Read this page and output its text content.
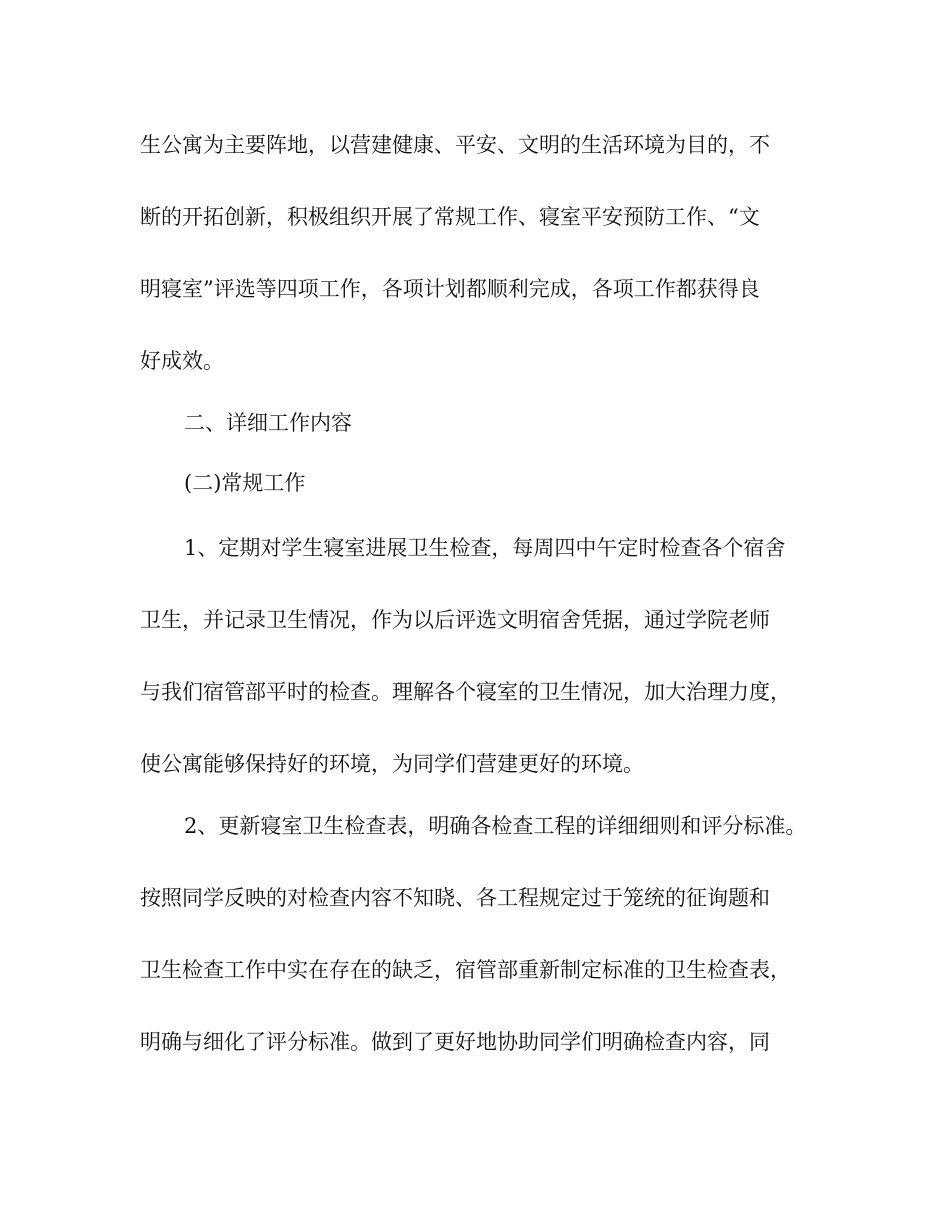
生公寓为主要阵地，以营建健康、平安、文明的生活环境为目的，不
断的开拓创新，积极组织开展了常规工作、寝室平安预防工作、“文
明寝室”评选等四项工作，各项计划都顺利完成，各项工作都获得良
好成效。
二、详细工作内容
(二)常规工作
1、定期对学生寝室进展卫生检查，每周四中午定时检查各个宿舍
卫生，并记录卫生情况，作为以后评选文明宿舍凭据，通过学院老师
与我们宿管部平时的检查。理解各个寝室的卫生情况，加大治理力度，
使公寓能够保持好的环境，为同学们营建更好的环境。
2、更新寝室卫生检查表，明确各检查工程的详细细则和评分标准。
按照同学反映的对检查内容不知晓、各工程规定过于笼统的征询题和
卫生检查工作中实在存在的缺乏，宿管部重新制定标准的卫生检查表，
明确与细化了评分标准。做到了更好地协助同学们明确检查内容，同
